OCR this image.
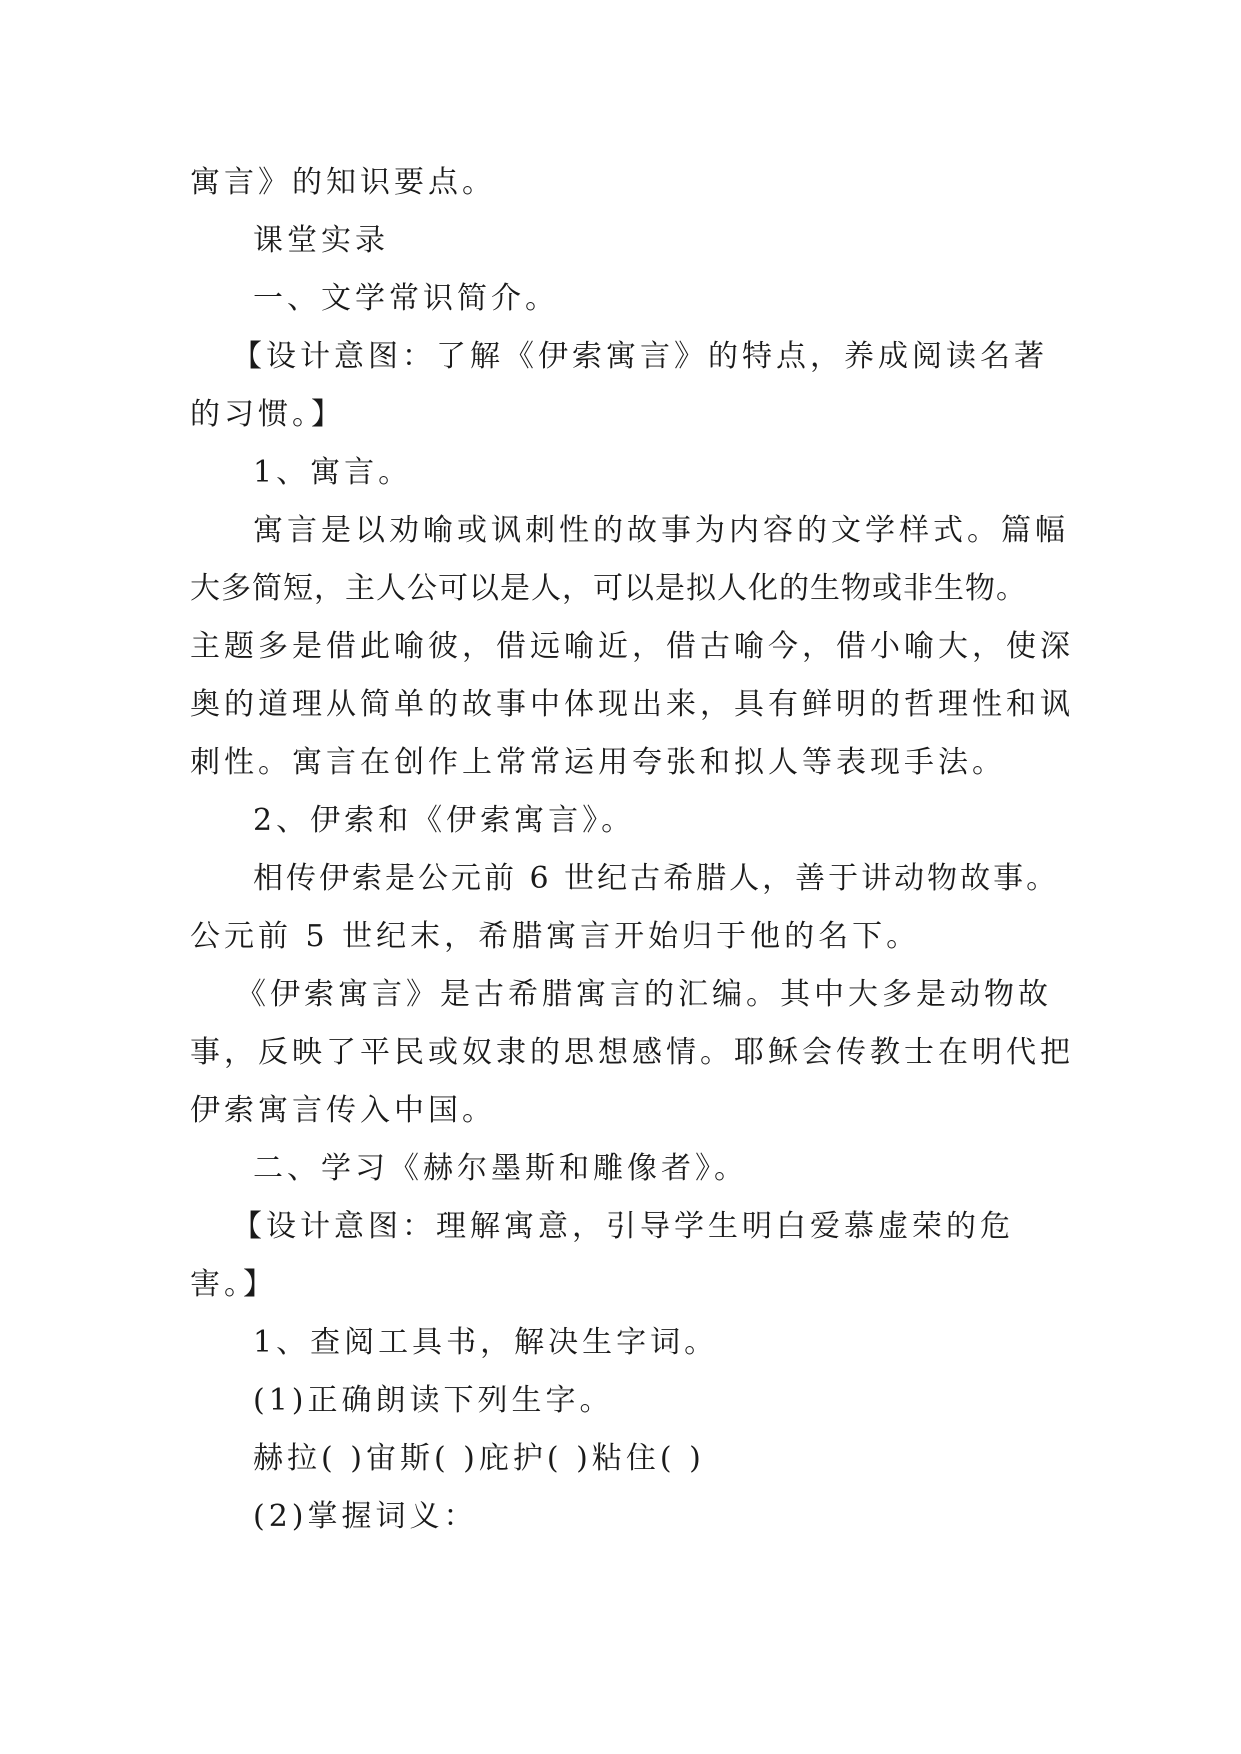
寓言》的知识要点。
课堂实录
一、文学常识简介。
【设计意图：了解《伊索寓言》的特点，养成阅读名著
的习惯。】
1、寓言。
寓言是以劝喻或讽刺性的故事为内容的文学样式。篇幅
大多简短，主人公可以是人，可以是拟人化的生物或非生物。
主题多是借此喻彼，借远喻近，借古喻今，借小喻大，使深
奥的道理从简单的故事中体现出来，具有鲜明的哲理性和讽
刺性。寓言在创作上常常运用夸张和拟人等表现手法。
2、伊索和《伊索寓言》。
相传伊索是公元前 6 世纪古希腊人，善于讲动物故事。
公元前 5 世纪末，希腊寓言开始归于他的名下。
《伊索寓言》是古希腊寓言的汇编。其中大多是动物故
事，反映了平民或奴隶的思想感情。耶稣会传教士在明代把
伊索寓言传入中国。
二、学习《赫尔墨斯和雕像者》。
【设计意图：理解寓意，引导学生明白爱慕虚荣的危
害。】
1、查阅工具书，解决生字词。
(1)正确朗读下列生字。
赫拉( )宙斯( )庇护( )粘住( )
(2)掌握词义：
